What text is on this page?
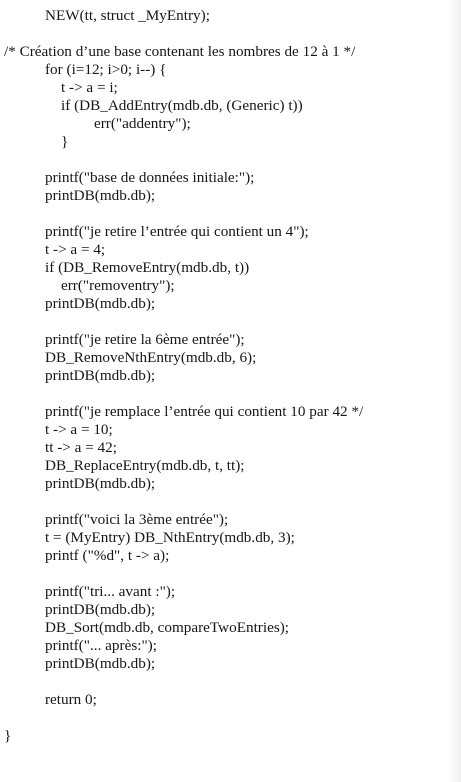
NEW(tt, struct _MyEntry);
/* Création d’une base contenant les nombres de 12 à 1 */
for (i=12; i>0; i--) {
t -> a = i;
if (DB_AddEntry(mdb.db, (Generic) t))
err("addentry");
}
printf("base de données initiale:");
printDB(mdb.db);
printf("je retire l’entrée qui contient un 4");
t -> a = 4;
if (DB_RemoveEntry(mdb.db, t))
err("removentry");
printDB(mdb.db);
printf("je retire la 6ème entrée");
DB_RemoveNthEntry(mdb.db, 6);
printDB(mdb.db);
printf("je remplace l’entrée qui contient 10 par 42 */
t -> a = 10;
tt -> a = 42;
DB_ReplaceEntry(mdb.db, t, tt);
printDB(mdb.db);
printf("voici la 3ème entrée");
t = (MyEntry) DB_NthEntry(mdb.db, 3);
printf ("%d", t -> a);
printf("tri... avant :");
printDB(mdb.db);
DB_Sort(mdb.db, compareTwoEntries);
printf("... après:");
printDB(mdb.db);
return 0;
}
